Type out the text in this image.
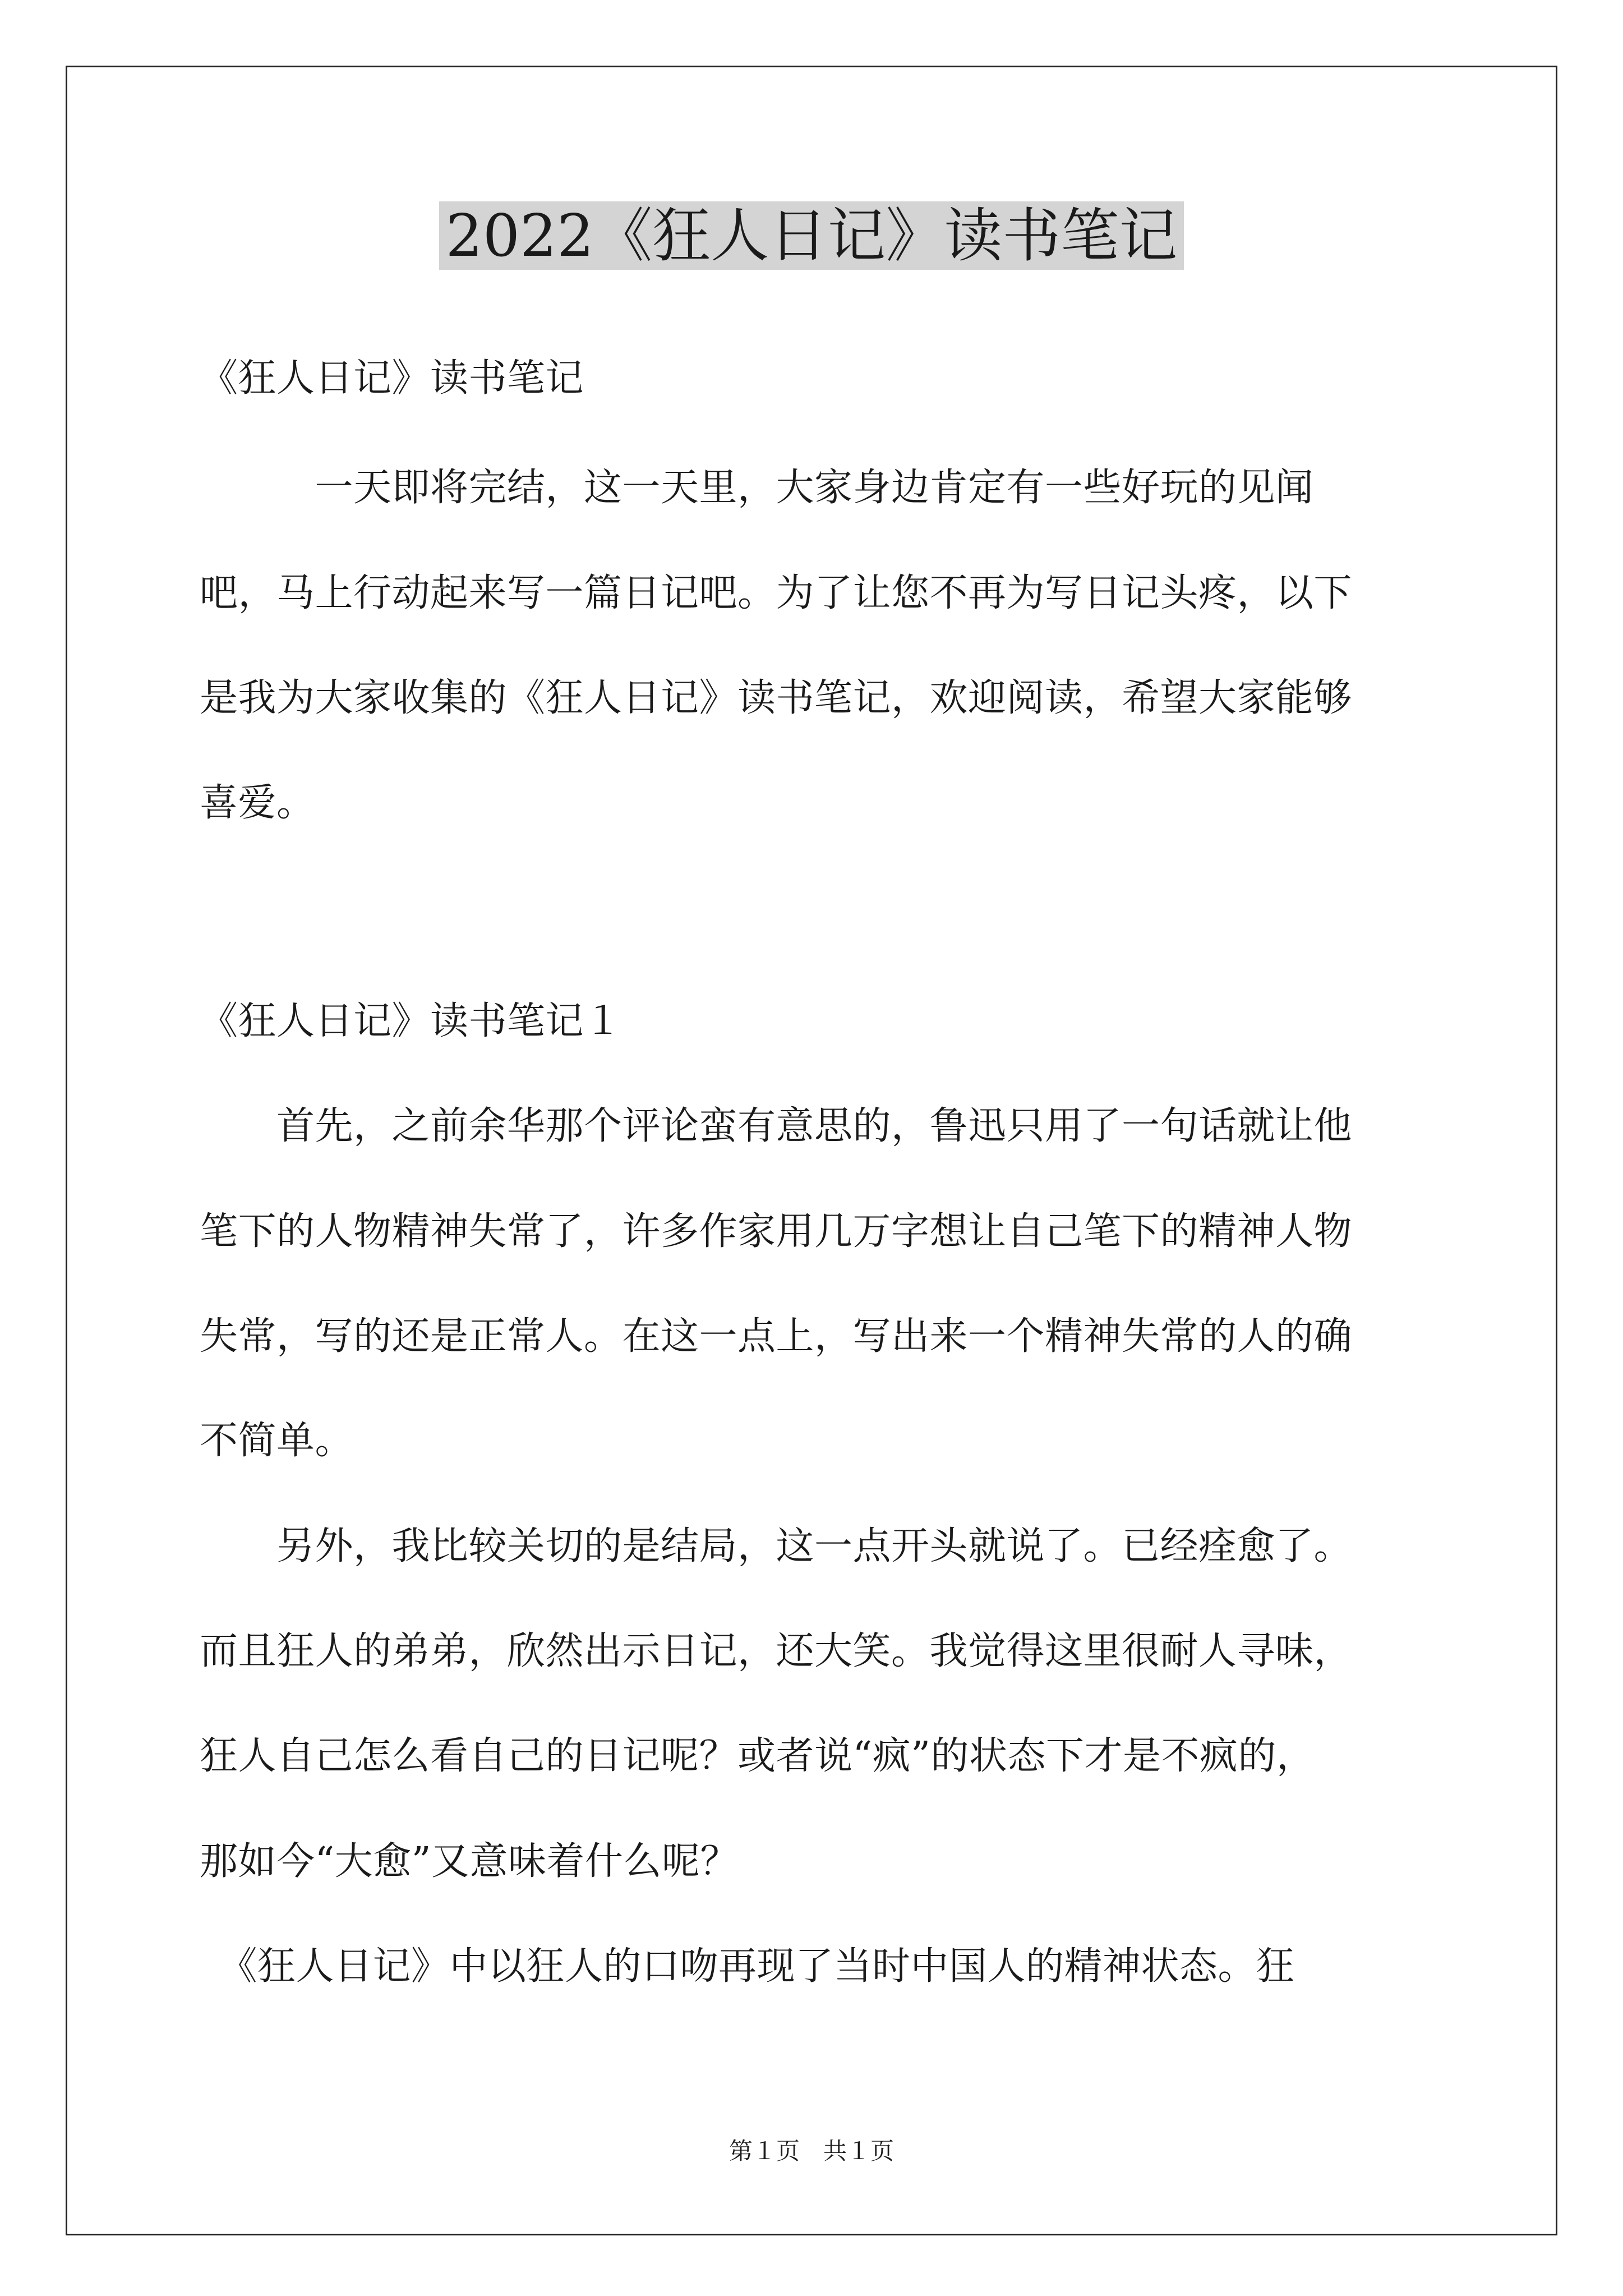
2022《狂人日记》读书笔记
《狂人日记》读书笔记
　　　一天即将完结，这一天里，大家身边肯定有一些好玩的见闻
吧，马上行动起来写一篇日记吧。为了让您不再为写日记头疼，以下
是我为大家收集的《狂人日记》读书笔记，欢迎阅读，希望大家能够
喜爱。
《狂人日记》读书笔记１
　　首先，之前余华那个评论蛮有意思的，鲁迅只用了一句话就让他
笔下的人物精神失常了，许多作家用几万字想让自己笔下的精神人物
失常，写的还是正常人。在这一点上，写出来一个精神失常的人的确
不简单。
　　另外，我比较关切的是结局，这一点开头就说了。已经痊愈了。
而且狂人的弟弟，欣然出示日记，还大笑。我觉得这里很耐人寻味，
狂人自己怎么看自己的日记呢？或者说“疯”的状态下才是不疯的，
那如今“大愈”又意味着什么呢？
　《狂人日记》中以狂人的口吻再现了当时中国人的精神状态。狂
第１页　共１页
